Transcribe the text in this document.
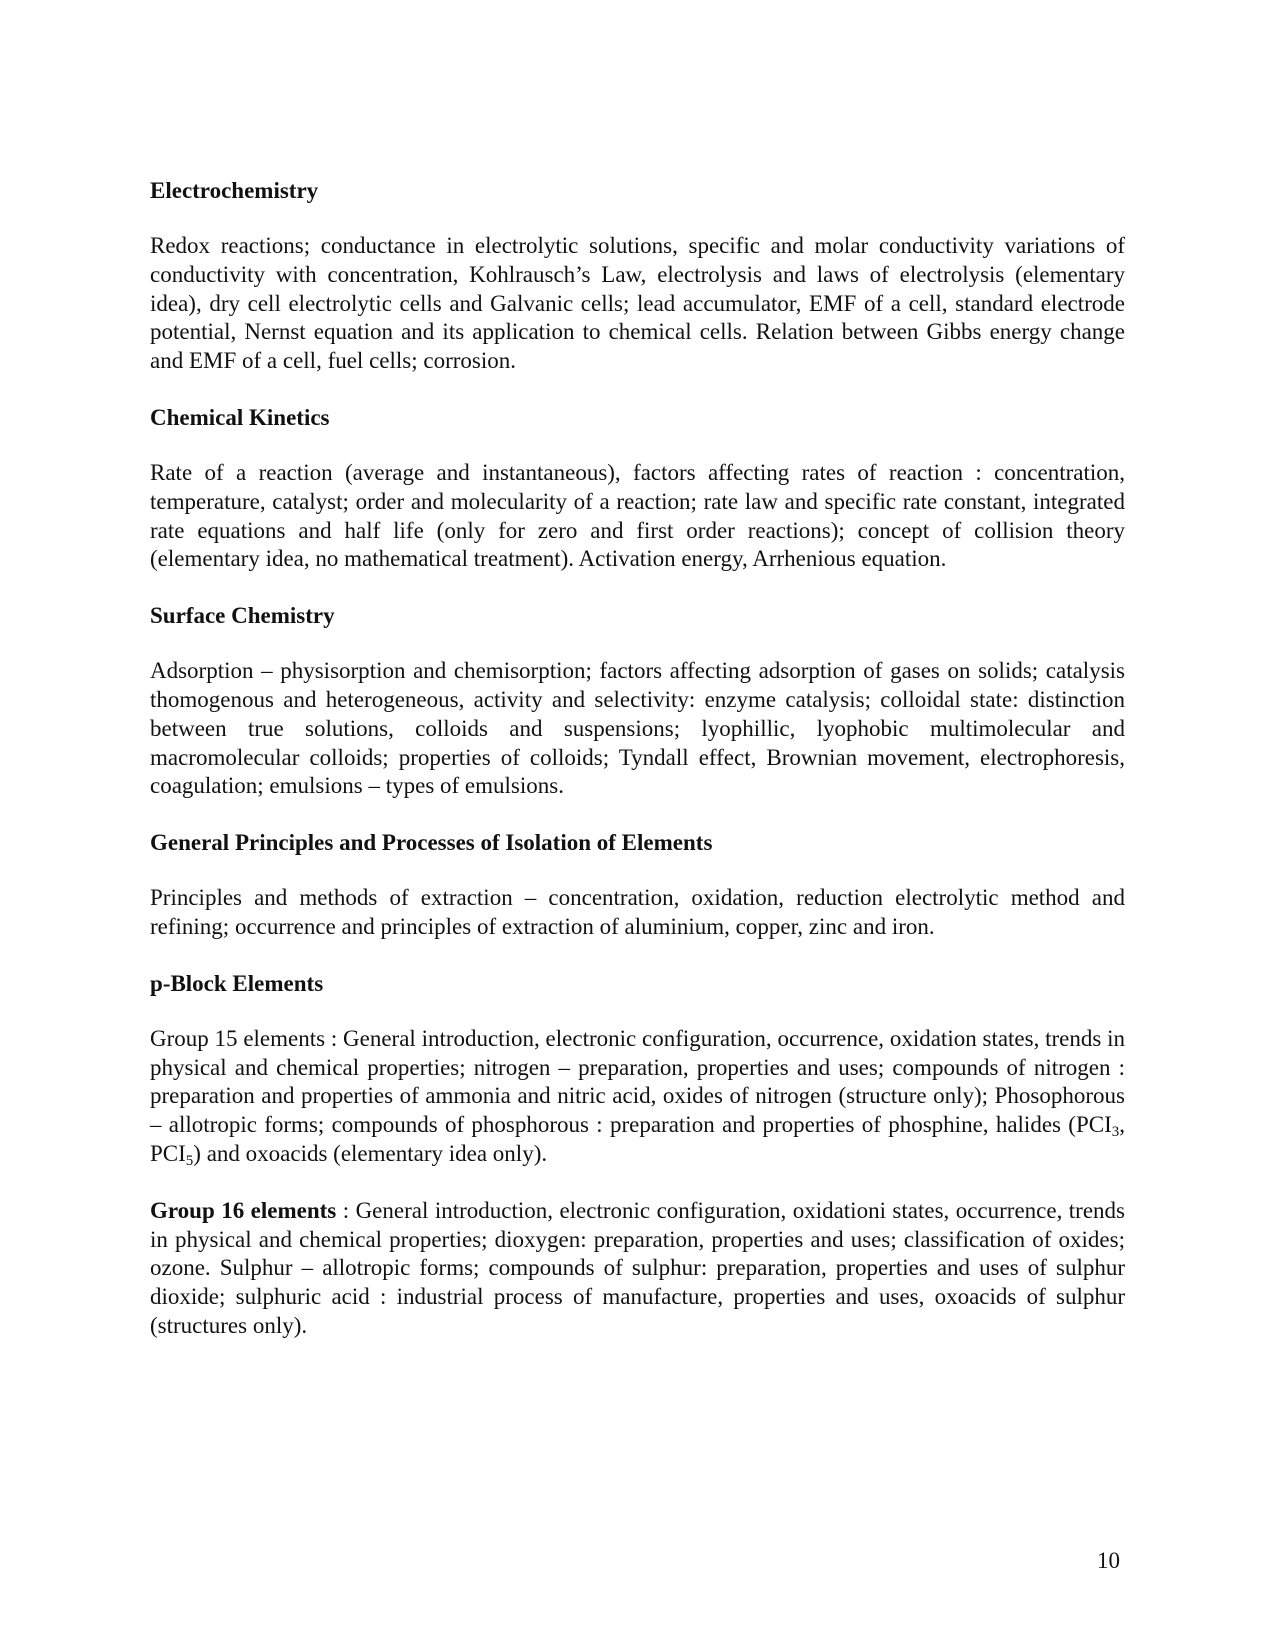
Electrochemistry

Redox reactions; conductance in electrolytic solutions, specific and molar conductivity variations of conductivity with concentration, Kohlrausch’s Law, electrolysis and laws of electrolysis (elementary idea), dry cell electrolytic cells and Galvanic cells; lead accumulator, EMF of a cell, standard electrode potential, Nernst equation and its application to chemical cells. Relation between Gibbs energy change and EMF of a cell, fuel cells; corrosion.

Chemical Kinetics

Rate of a reaction (average and instantaneous), factors affecting rates of reaction : concentration, temperature, catalyst; order and molecularity of a reaction; rate law and specific rate constant, integrated rate equations and half life (only for zero and first order reactions); concept of collision theory (elementary idea, no mathematical treatment). Activation energy, Arrhenious equation.

Surface Chemistry

Adsorption – physisorption and chemisorption; factors affecting adsorption of gases on solids; catalysis thomogenous and heterogeneous, activity and selectivity: enzyme catalysis; colloidal state: distinction between true solutions, colloids and suspensions; lyophillic, lyophobic multimolecular and macromolecular colloids; properties of colloids; Tyndall effect, Brownian movement, electrophoresis, coagulation; emulsions – types of emulsions.

General Principles and Processes of Isolation of Elements

Principles and methods of extraction – concentration, oxidation, reduction electrolytic method and refining; occurrence and principles of extraction of aluminium, copper, zinc and iron.

p-Block Elements

Group 15 elements : General introduction, electronic configuration, occurrence, oxidation states, trends in physical and chemical properties; nitrogen – preparation, properties and uses; compounds of nitrogen : preparation and properties of ammonia and nitric acid, oxides of nitrogen (structure only); Phosophorous – allotropic forms; compounds of phosphorous : preparation and properties of phosphine, halides ($PCI_3$, $PCI_5$) and oxoacids (elementary idea only).

Group 16 elements : General introduction, electronic configuration, oxidationi states, occurrence, trends in physical and chemical properties; dioxygen: preparation, properties and uses; classification of oxides; ozone. Sulphur – allotropic forms; compounds of sulphur: preparation, properties and uses of sulphur dioxide; sulphuric acid : industrial process of manufacture, properties and uses, oxoacids of sulphur (structures only).

10
